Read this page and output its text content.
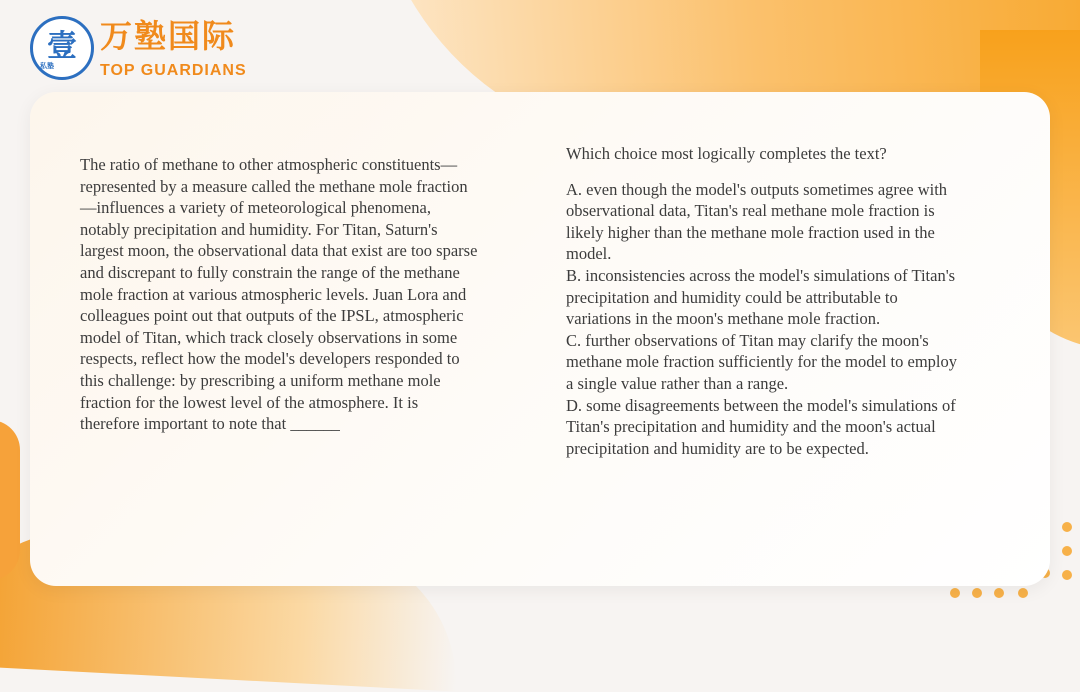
壹
私塾
万塾国际
TOP GUARDIANS
The ratio of methane to other atmospheric constituents—represented by a measure called the methane mole fraction—influences a variety of meteorological phenomena, notably precipitation and humidity. For Titan, Saturn's largest moon, the observational data that exist are too sparse and discrepant to fully constrain the range of the methane mole fraction at various atmospheric levels. Juan Lora and colleagues point out that outputs of the IPSL, atmospheric model of Titan, which track closely observations in some respects, reflect how the model's developers responded to this challenge: by prescribing a uniform methane mole fraction for the lowest level of the atmosphere. It is therefore important to note that ______
Which choice most logically completes the text?

A. even though the model's outputs sometimes agree with observational data, Titan's real methane mole fraction is likely higher than the methane mole fraction used in the model.

B. inconsistencies across the model's simulations of Titan's precipitation and humidity could be attributable to variations in the moon's methane mole fraction.

C. further observations of Titan may clarify the moon's methane mole fraction sufficiently for the model to employ a single value rather than a range.

D. some disagreements between the model's simulations of Titan's precipitation and humidity and the moon's actual precipitation and humidity are to be expected.
